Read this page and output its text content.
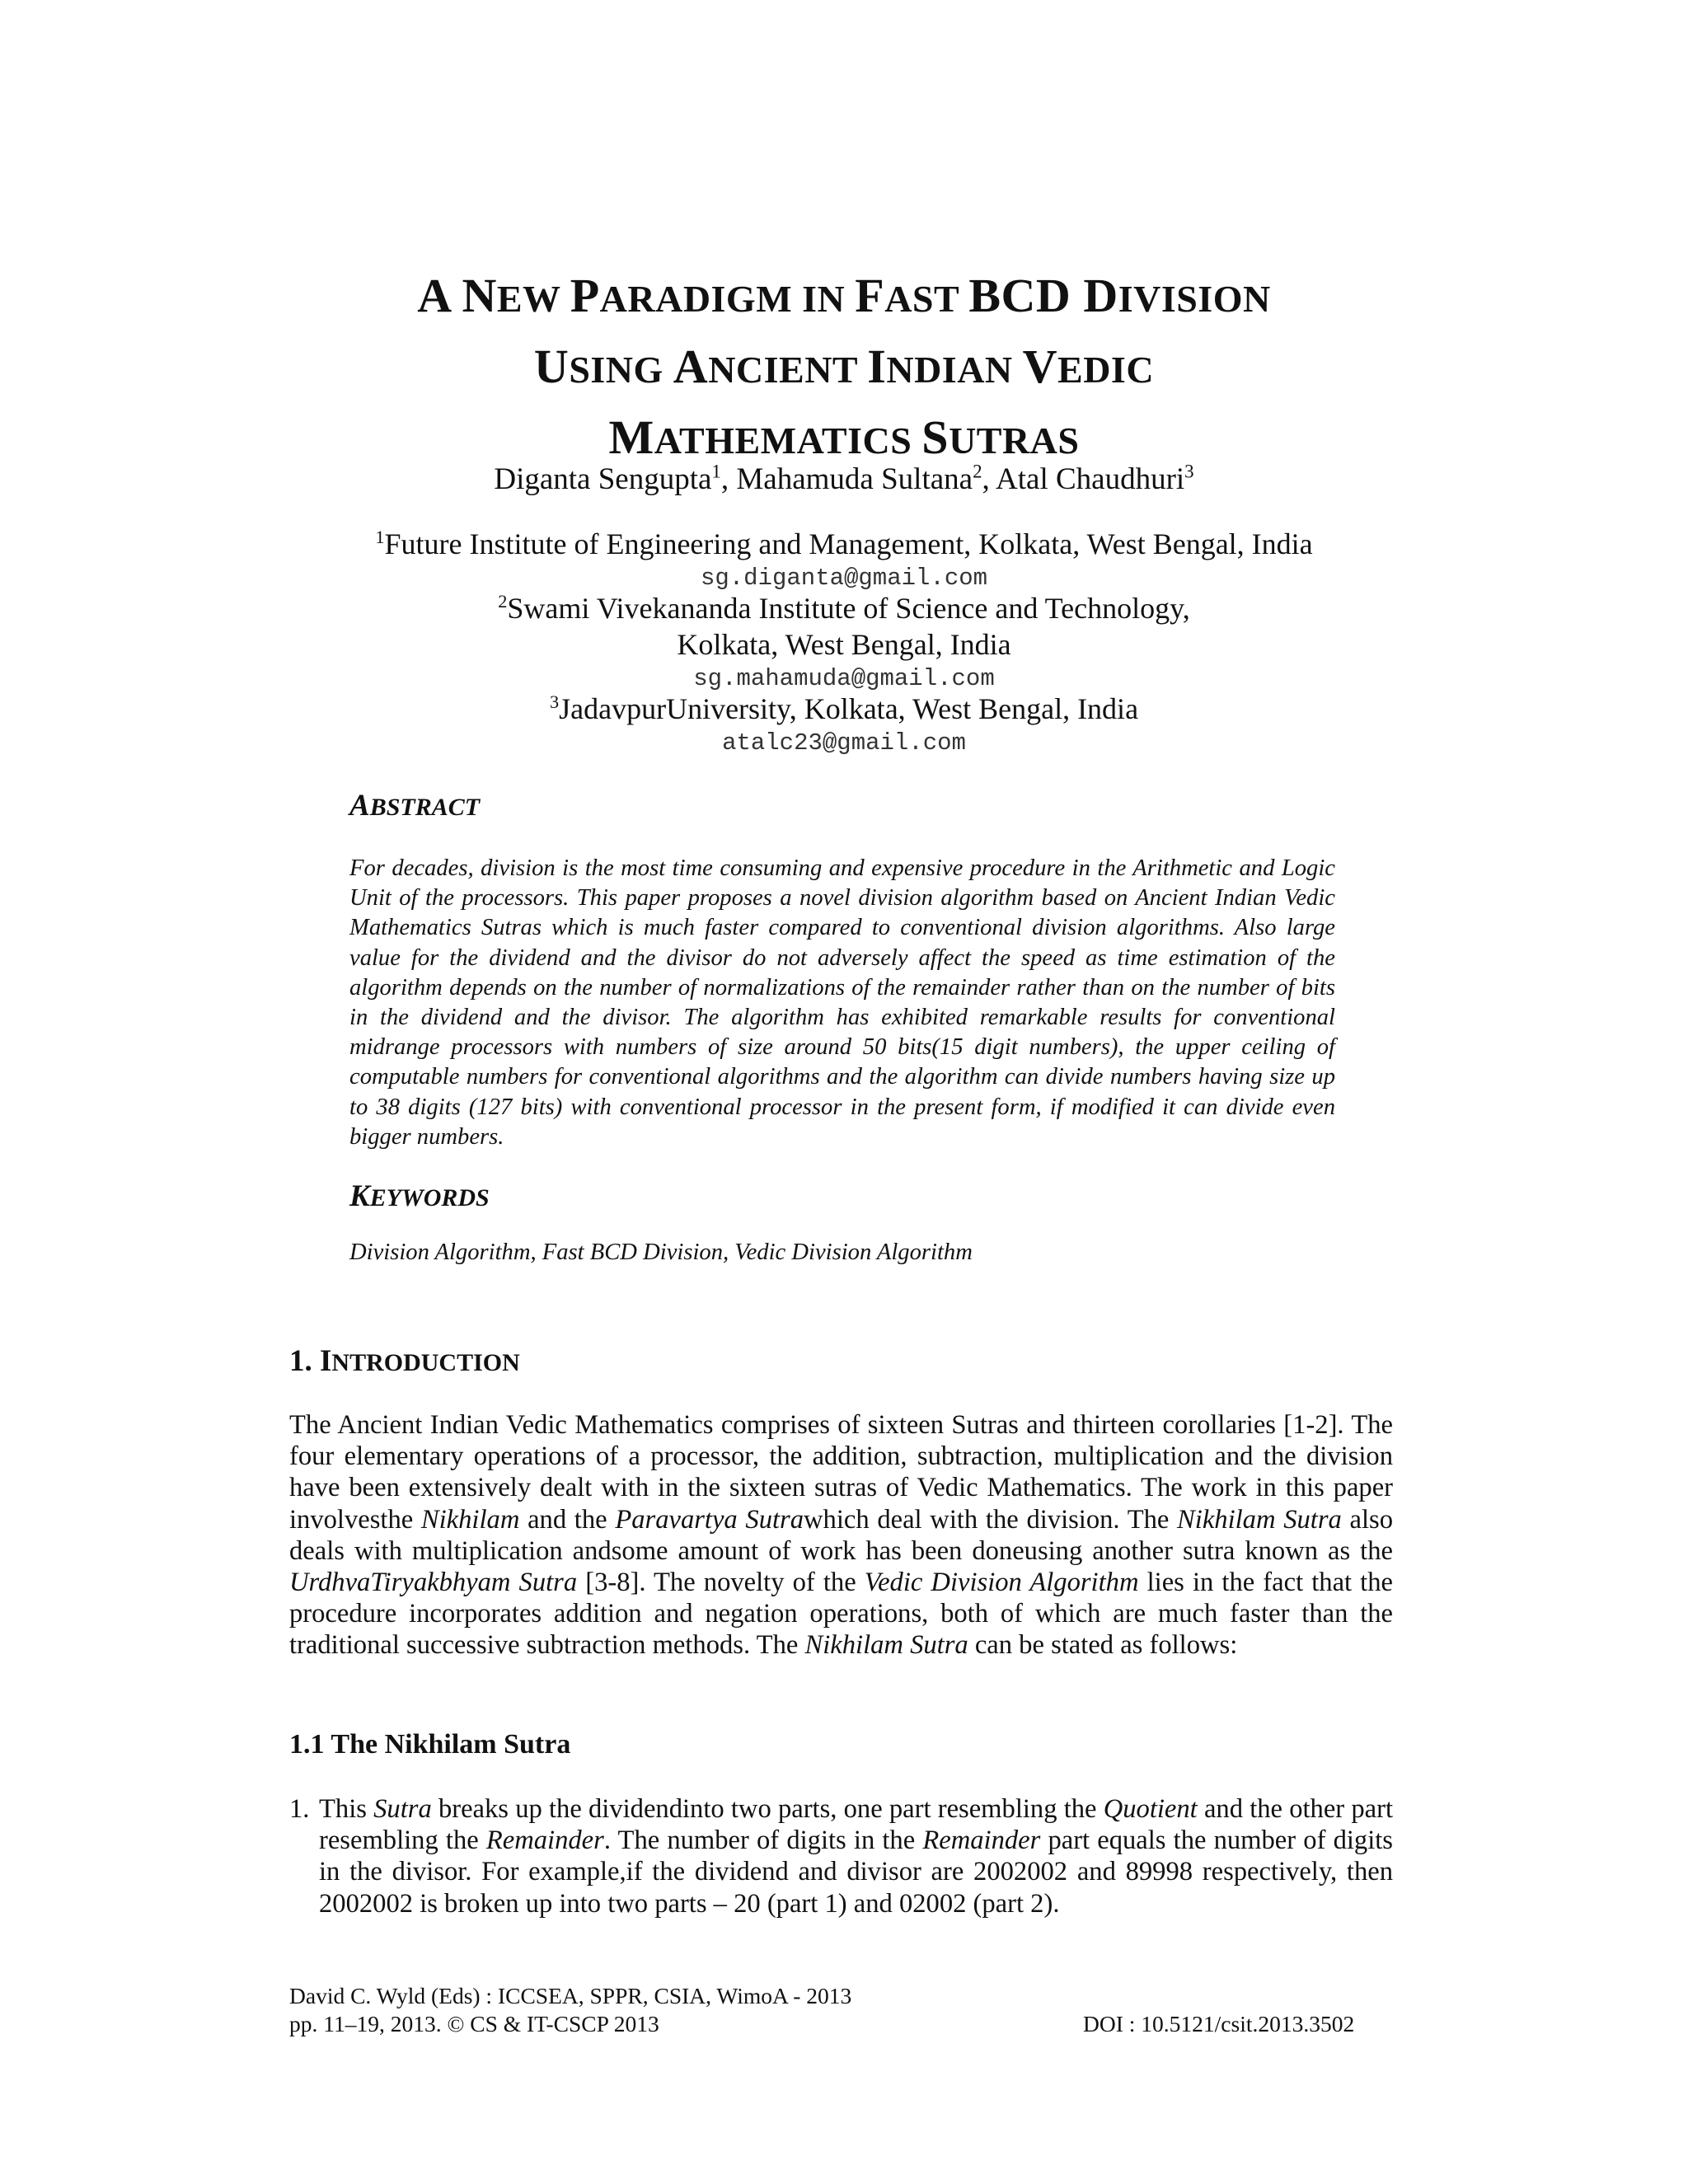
A NEW PARADIGM IN FAST BCD DIVISION
USING ANCIENT INDIAN VEDIC
MATHEMATICS SUTRAS
Diganta Sengupta$^1$, Mahamuda Sultana$^2$, Atal Chaudhuri$^3$
$^1$Future Institute of Engineering and Management, Kolkata, West Bengal, India
sg.diganta@gmail.com
$^2$Swami Vivekananda Institute of Science and Technology,
Kolkata, West Bengal, India
sg.mahamuda@gmail.com
$^3$JadavpurUniversity, Kolkata, West Bengal, India
atalc23@gmail.com
ABSTRACT
For decades, division is the most time consuming and expensive procedure in the Arithmetic and Logic Unit of the processors. This paper proposes a novel division algorithm based on Ancient Indian Vedic Mathematics Sutras which is much faster compared to conventional division algorithms. Also large value for the dividend and the divisor do not adversely affect the speed as time estimation of the algorithm depends on the number of normalizations of the remainder rather than on the number of bits in the dividend and the divisor. The algorithm has exhibited remarkable results for conventional midrange processors with numbers of size around 50 bits(15 digit numbers), the upper ceiling of computable numbers for conventional algorithms and the algorithm can divide numbers having size up to 38 digits (127 bits) with conventional processor in the present form, if modified it can divide even bigger numbers.
KEYWORDS
Division Algorithm, Fast BCD Division, Vedic Division Algorithm
1. INTRODUCTION
The Ancient Indian Vedic Mathematics comprises of sixteen Sutras and thirteen corollaries [1-2]. The four elementary operations of a processor, the addition, subtraction, multiplication and the division have been extensively dealt with in the sixteen sutras of Vedic Mathematics. The work in this paper involvesthe Nikhilam and the Paravartya Sutrawhich deal with the division. The Nikhilam Sutra also deals with multiplication andsome amount of work has been doneusing another sutra known as the UrdhvaTiryakbhyam Sutra [3-8]. The novelty of the Vedic Division Algorithm lies in the fact that the procedure incorporates addition and negation operations, both of which are much faster than the traditional successive subtraction methods. The Nikhilam Sutra can be stated as follows:
1.1 The Nikhilam Sutra
1. This Sutra breaks up the dividendinto two parts, one part resembling the Quotient and the other part resembling the Remainder. The number of digits in the Remainder part equals the number of digits in the divisor. For example,if the dividend and divisor are 2002002 and 89998 respectively, then 2002002 is broken up into two parts – 20 (part 1) and 02002 (part 2).
David C. Wyld (Eds) : ICCSEA, SPPR, CSIA, WimoA - 2013
pp. 11–19, 2013. © CS & IT-CSCP 2013	DOI : 10.5121/csit.2013.3502
